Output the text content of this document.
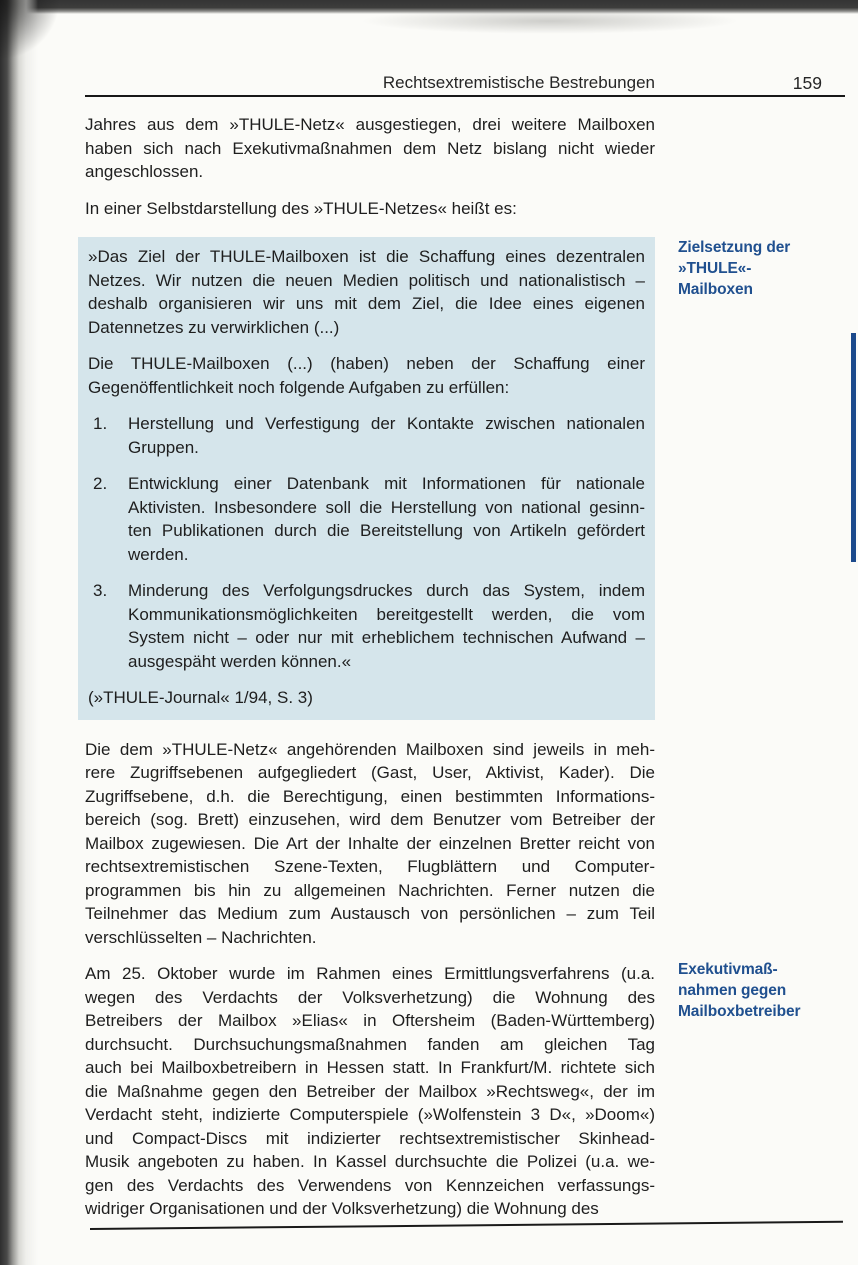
Rechtsextremistische Bestrebungen	159

Jahres aus dem »THULE-Netz« ausgestiegen, drei weitere Mailboxen
haben sich nach Exekutivmaßnahmen dem Netz bislang nicht wieder
angeschlossen.

In einer Selbstdarstellung des »THULE-Netzes« heißt es:

»Das Ziel der THULE-Mailboxen ist die Schaffung eines dezentralen
Netzes. Wir nutzen die neuen Medien politisch und nationalistisch –
deshalb organisieren wir uns mit dem Ziel, die Idee eines eigenen
Datennetzes zu verwirklichen (...)

Die THULE-Mailboxen (...) (haben) neben der Schaffung einer
Gegenöffentlichkeit noch folgende Aufgaben zu erfüllen:

1.	Herstellung und Verfestigung der Kontakte zwischen nationalen
Gruppen.
2.	Entwicklung einer Datenbank mit Informationen für nationale
Aktivisten. Insbesondere soll die Herstellung von national gesinn-
ten Publikationen durch die Bereitstellung von Artikeln gefördert
werden.
3.	Minderung des Verfolgungsdruckes durch das System, indem
Kommunikationsmöglichkeiten bereitgestellt werden, die vom
System nicht – oder nur mit erheblichem technischen Aufwand –
ausgespäht werden können.«

(»THULE-Journal« 1/94, S. 3)

Die dem »THULE-Netz« angehörenden Mailboxen sind jeweils in meh-
rere Zugriffsebenen aufgegliedert (Gast, User, Aktivist, Kader). Die
Zugriffsebene, d.h. die Berechtigung, einen bestimmten Informations-
bereich (sog. Brett) einzusehen, wird dem Benutzer vom Betreiber der
Mailbox zugewiesen. Die Art der Inhalte der einzelnen Bretter reicht von
rechtsextremistischen Szene-Texten, Flugblättern und Computer-
programmen bis hin zu allgemeinen Nachrichten. Ferner nutzen die
Teilnehmer das Medium zum Austausch von persönlichen – zum Teil
verschlüsselten – Nachrichten.

Am 25. Oktober wurde im Rahmen eines Ermittlungsverfahrens (u.a.
wegen des Verdachts der Volksverhetzung) die Wohnung des
Betreibers der Mailbox »Elias« in Oftersheim (Baden-Württemberg)
durchsucht. Durchsuchungsmaßnahmen fanden am gleichen Tag
auch bei Mailboxbetreibern in Hessen statt. In Frankfurt/M. richtete sich
die Maßnahme gegen den Betreiber der Mailbox »Rechtsweg«, der im
Verdacht steht, indizierte Computerspiele (»Wolfenstein 3 D«, »Doom«)
und Compact-Discs mit indizierter rechtsextremistischer Skinhead-
Musik angeboten zu haben. In Kassel durchsuchte die Polizei (u.a. we-
gen des Verdachts des Verwendens von Kennzeichen verfassungs-
widriger Organisationen und der Volksverhetzung) die Wohnung des

Zielsetzung der
»THULE«-
Mailboxen
Exekutivmaß-
nahmen gegen
Mailboxbetreiber
